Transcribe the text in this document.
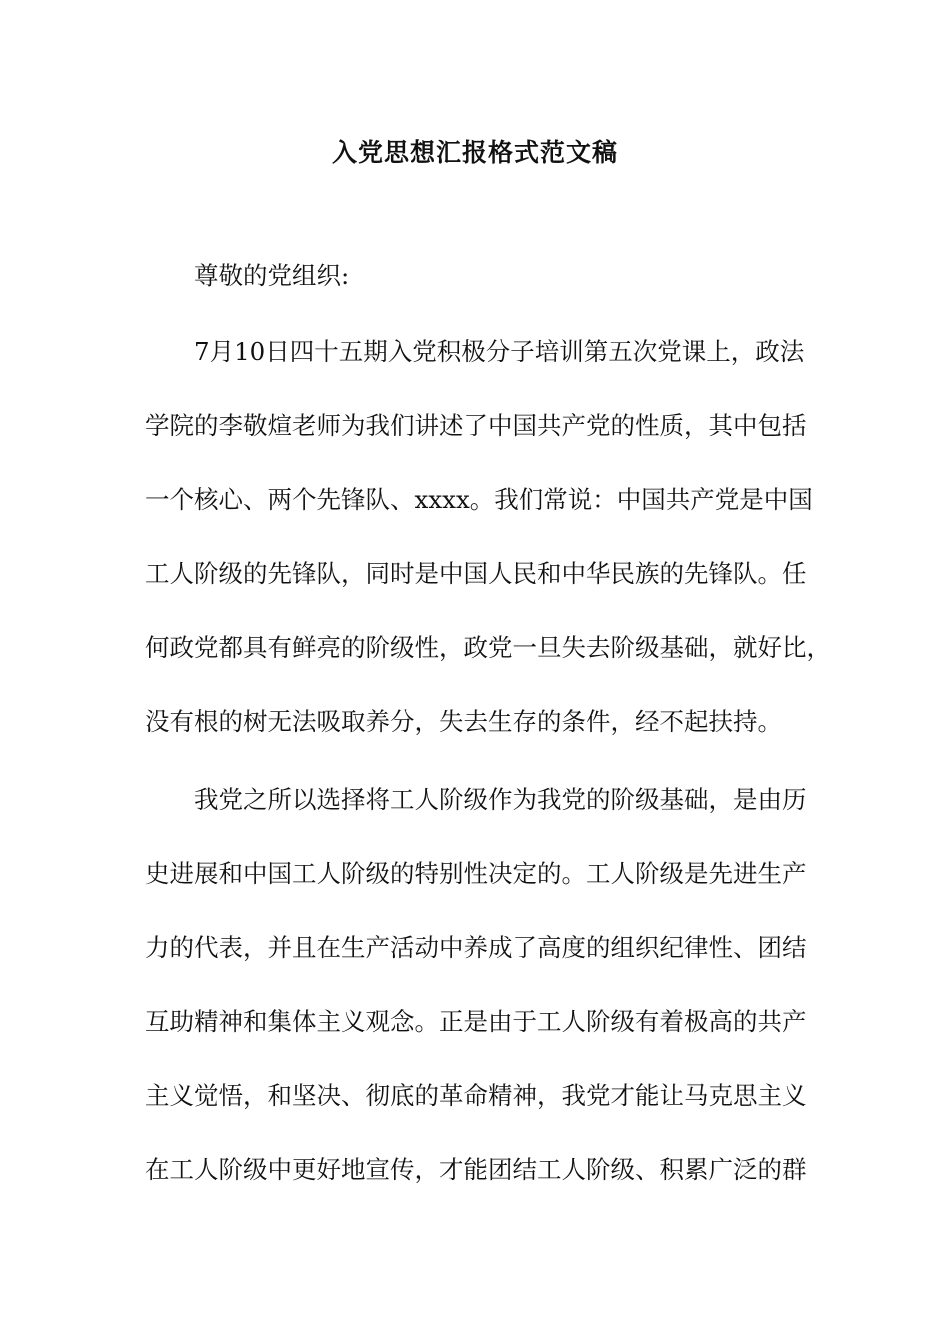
入党思想汇报格式范文稿

尊敬的党组织:

7月10日四十五期入党积极分子培训第五次党课上，政法

学院的李敬煊老师为我们讲述了中国共产党的性质，其中包括

一个核心、两个先锋队、xxxx。我们常说：中国共产党是中国

工人阶级的先锋队，同时是中国人民和中华民族的先锋队。任

何政党都具有鲜亮的阶级性，政党一旦失去阶级基础，就好比，

没有根的树无法吸取养分，失去生存的条件，经不起扶持。

我党之所以选择将工人阶级作为我党的阶级基础，是由历

史进展和中国工人阶级的特别性决定的。工人阶级是先进生产

力的代表，并且在生产活动中养成了高度的组织纪律性、团结

互助精神和集体主义观念。正是由于工人阶级有着极高的共产

主义觉悟，和坚决、彻底的革命精神，我党才能让马克思主义

在工人阶级中更好地宣传，才能团结工人阶级、积累广泛的群
